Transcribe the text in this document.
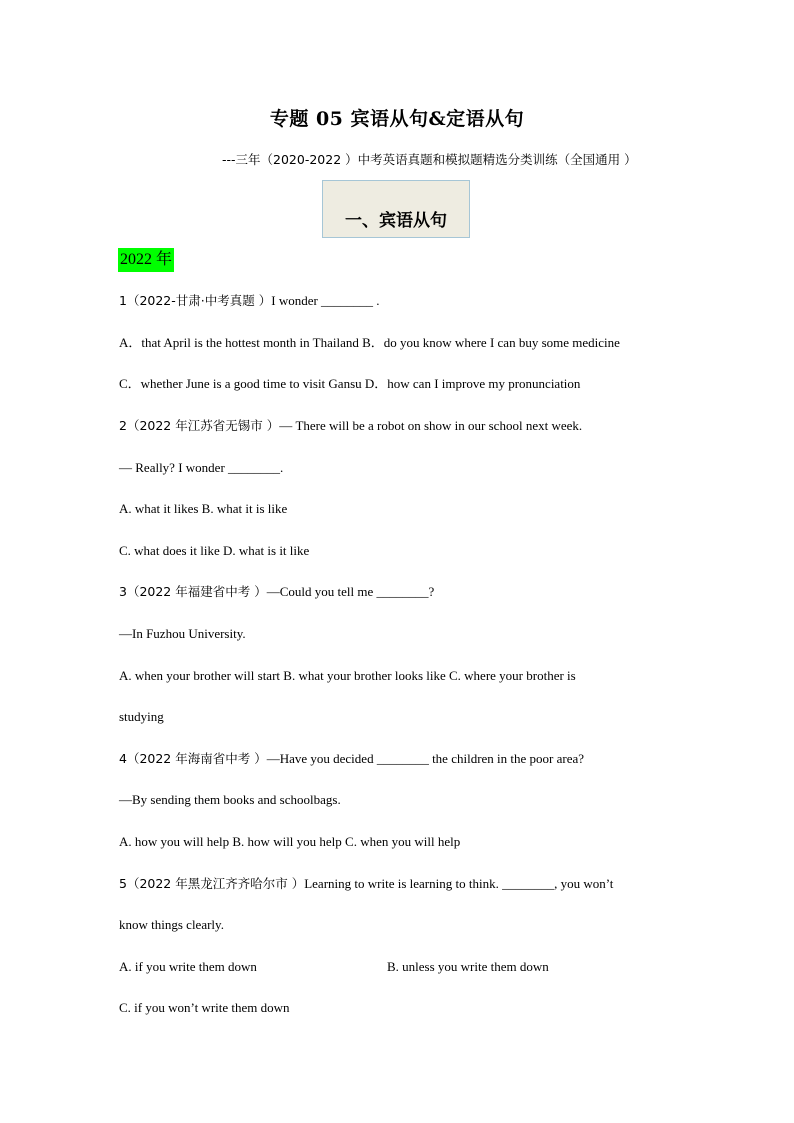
专题 05 宾语从句&定语从句
---三年（2020-2022 ）中考英语真题和模拟题精选分类训练（全国通用 ）
一、宾语从句
2022 年
1（2022-甘肃·中考真题 ）I wonder ________ .
A．that April is the hottest month in Thailand B．do you know where I can buy some medicine
C．whether June is a good time to visit Gansu D．how can I improve my pronunciation
2（2022 年江苏省无锡市 ）— There will be a robot on show in our school next week.
— Really? I wonder ________.
A. what it likes B. what it is like
C. what does it like D. what is it like
3（2022 年福建省中考 ）—Could you tell me ________?
—In Fuzhou University.
A. when your brother will start B. what your brother looks like C. where your brother is
studying
4（2022 年海南省中考 ）—Have you decided ________ the children in the poor area?
—By sending them books and schoolbags.
A. how you will help B. how will you help C. when you will help
5（2022 年黑龙江齐齐哈尔市 ）Learning to write is learning to think. ________, you won’t
know things clearly.
A. if you write them down	B. unless you write them down
C. if you won’t write them down
